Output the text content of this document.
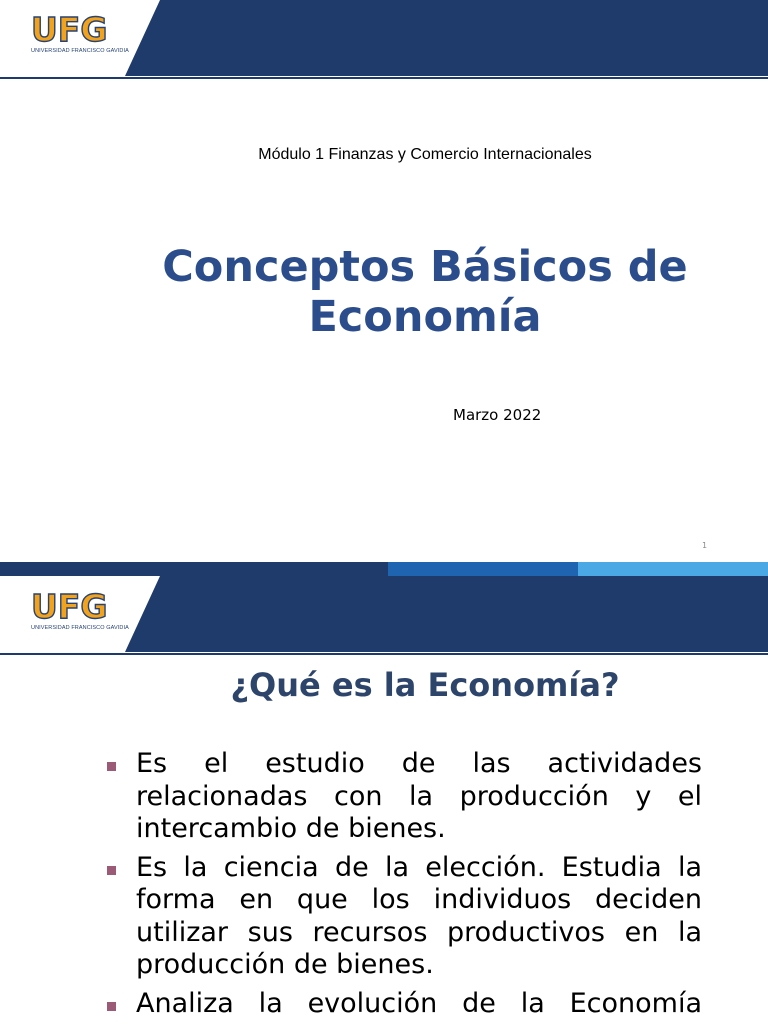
UFG
UNIVERSIDAD FRANCISCO GAVIDIA
Módulo 1 Finanzas y Comercio Internacionales
Conceptos Básicos de Economía
Marzo 2022
1
UFG
UNIVERSIDAD FRANCISCO GAVIDIA
¿Qué es la Economía?
Es el estudio de las actividades relacionadas con la producción y el intercambio de bienes.
Es la ciencia de la elección. Estudia la forma en que los individuos deciden utilizar sus recursos productivos en la producción de bienes.
Analiza la evolución de la Economía
